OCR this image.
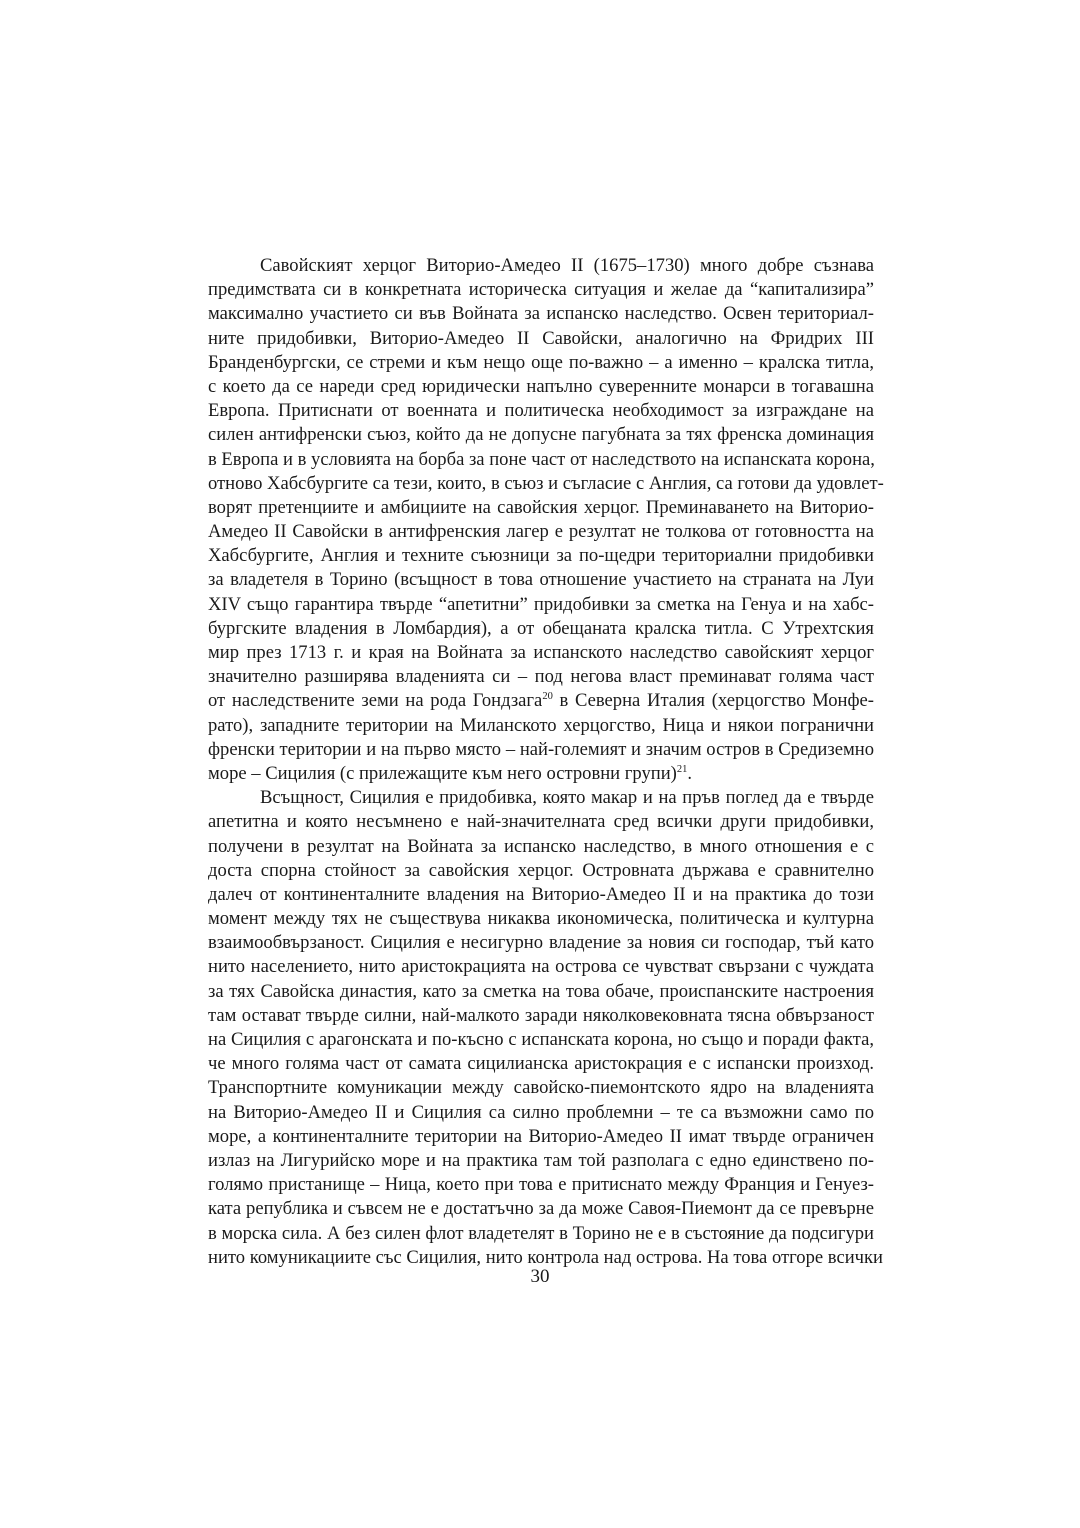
Савойският херцог Виторио-Амедео II (1675–1730) много добре съзнава
предимствата си в конкретната историческа ситуация и желае да “капитализира”
максимално участието си във Войната за испанско наследство. Освен териториал-
ните придобивки, Виторио-Амедео II Савойски, аналогично на Фридрих III
Бранденбургски, се стреми и към нещо още по-важно – а именно – кралска титла,
с което да се нареди сред юридически напълно суверенните монарси в тогавашна
Европа. Притиснати от военната и политическа необходимост за изграждане на
силен антифренски съюз, който да не допусне пагубната за тях френска доминация
в Европа и в условията на борба за поне част от наследството на испанската корона,
отново Хабсбургите са тези, които, в съюз и съгласие с Англия, са готови да удовлет-
ворят претенциите и амбициите на савойския херцог. Преминаването на Виторио-
Амедео II Савойски в антифренския лагер е резултат не толкова от готовността на
Хабсбургите, Англия и техните съюзници за по-щедри териториални придобивки
за владетеля в Торино (всъщност в това отношение участието на страната на Луи
XIV също гарантира твърде “апетитни” придобивки за сметка на Генуа и на хабс-
бургските владения в Ломбардия), а от обещаната кралска титла. С Утрехтския
мир през 1713 г. и края на Войната за испанското наследство савойският херцог
значително разширява владенията си – под негова власт преминават голяма част
от наследствените земи на рода Гондзага$^{20}$ в Северна Италия (херцогство Монфе-
рато), западните територии на Миланското херцогство, Ница и някои погранични
френски територии и на първо място – най-големият и значим остров в Средиземно
море – Сицилия (с прилежащите към него островни групи)$^{21}$.
Всъщност, Сицилия е придобивка, която макар и на пръв поглед да е твърде
апетитна и която несъмнено е най-значителната сред всички други придобивки,
получени в резултат на Войната за испанско наследство, в много отношения е с
доста спорна стойност за савойския херцог. Островната държава е сравнително
далеч от континенталните владения на Виторио-Амедео II и на практика до този
момент между тях не съществува никаква икономическа, политическа и културна
взаимообвързаност. Сицилия е несигурно владение за новия си господар, тъй като
нито населението, нито аристокрацията на острова се чувстват свързани с чуждата
за тях Савойска династия, като за сметка на това обаче, происпанските настроения
там остават твърде силни, най-малкото заради няколковековната тясна обвързаност
на Сицилия с арагонската и по-късно с испанската корона, но също и поради факта,
че много голяма част от самата сицилианска аристокрация е с испански произход.
Транспортните комуникации между савойско-пиемонтското ядро на владенията
на Виторио-Амедео II и Сицилия са силно проблемни – те са възможни само по
море, а континенталните територии на Виторио-Амедео II имат твърде ограничен
излаз на Лигурийско море и на практика там той разполага с едно единствено по-
голямо пристанище – Ница, което при това е притиснато между Франция и Генуез-
ката република и съвсем не е достатъчно за да може Савоя-Пиемонт да се превърне
в морска сила. А без силен флот владетелят в Торино не е в състояние да подсигури
нито комуникациите със Сицилия, нито контрола над острова. На това отгоре всички
30
